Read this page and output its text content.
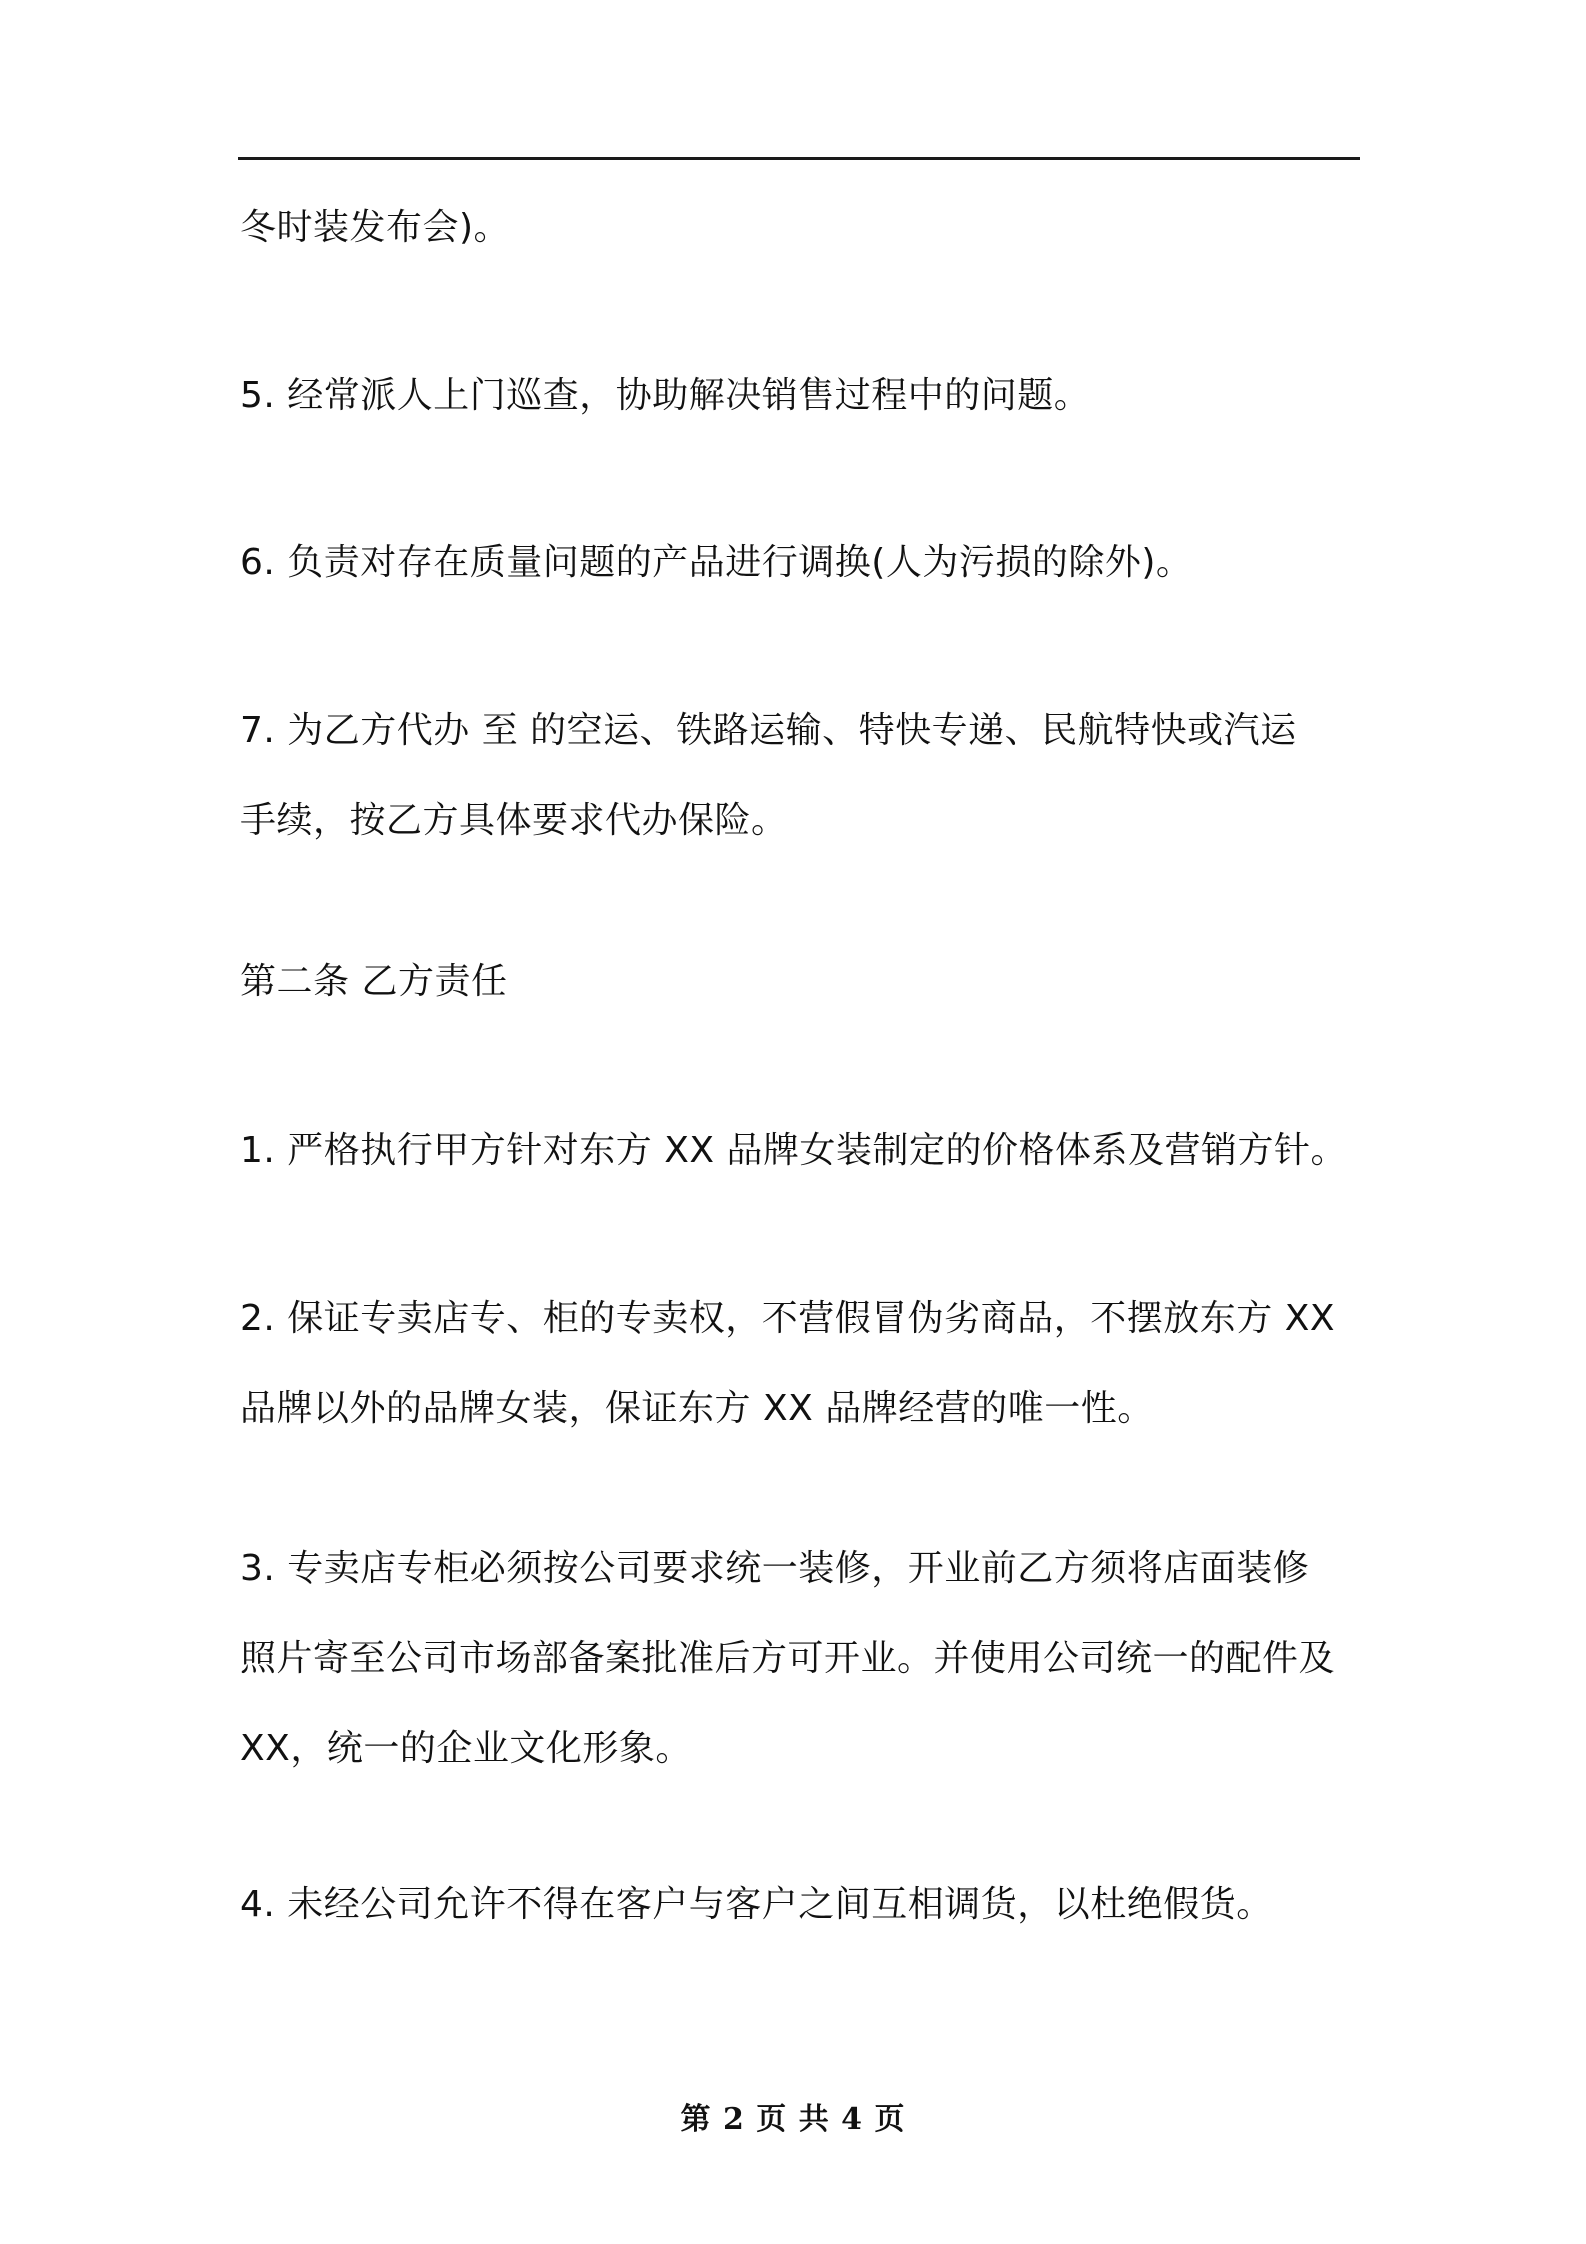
冬时装发布会)。
5. 经常派人上门巡查，协助解决销售过程中的问题。
6. 负责对存在质量问题的产品进行调换(人为污损的除外)。
7. 为乙方代办 至 的空运、铁路运输、特快专递、民航特快或汽运
手续，按乙方具体要求代办保险。
第二条 乙方责任
1. 严格执行甲方针对东方 XX 品牌女装制定的价格体系及营销方针。
2. 保证专卖店专、柜的专卖权，不营假冒伪劣商品，不摆放东方 XX
品牌以外的品牌女装，保证东方 XX 品牌经营的唯一性。
3. 专卖店专柜必须按公司要求统一装修，开业前乙方须将店面装修
照片寄至公司市场部备案批准后方可开业。并使用公司统一的配件及
XX，统一的企业文化形象。
4. 未经公司允许不得在客户与客户之间互相调货，以杜绝假货。
第 2 页 共 4 页
